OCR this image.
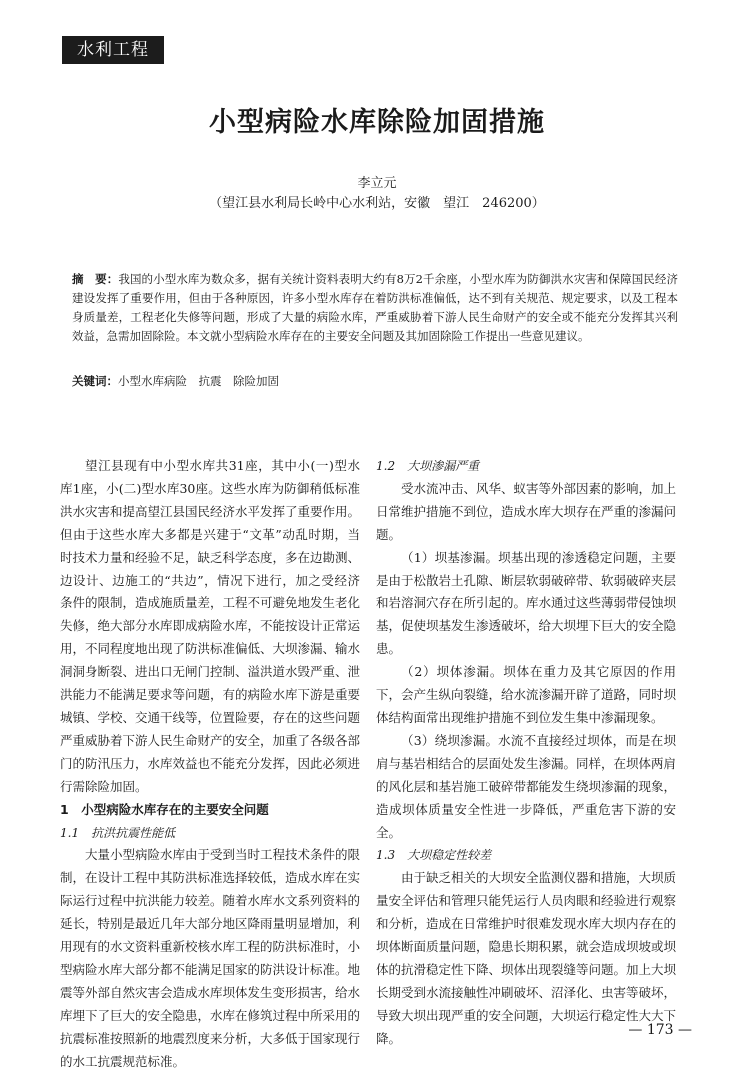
水利工程
小型病险水库除险加固措施
李立元
（望江县水利局长岭中心水利站，安徽　望江　246200）
摘　要：我国的小型水库为数众多，据有关统计资料表明大约有8万2千余座，小型水库为防御洪水灾害和保障国民经济建设发挥了重要作用，但由于各种原因，许多小型水库存在着防洪标准偏低，达不到有关规范、规定要求，以及工程本身质量差，工程老化失修等问题，形成了大量的病险水库，严重威胁着下游人民生命财产的安全或不能充分发挥其兴利效益，急需加固除险。本文就小型病险水库存在的主要安全问题及其加固除险工作提出一些意见建议。
关键词：小型水库病险　抗震　除险加固

望江县现有中小型水库共31座，其中小(一)型水库1座，小(二)型水库30座。这些水库为防御稍低标准洪水灾害和提高望江县国民经济水平发挥了重要作用。但由于这些水库大多都是兴建于“文革”动乱时期，当时技术力量和经验不足，缺乏科学态度，多在边勘测、边设计、边施工的“共边”，情况下进行，加之受经济条件的限制，造成施质量差，工程不可避免地发生老化失修，绝大部分水库即成病险水库，不能按设计正常运用，不同程度地出现了防洪标准偏低、大坝渗漏、输水洞洞身断裂、进出口无闸门控制、溢洪道水毁严重、泄洪能力不能满足要求等问题，有的病险水库下游是重要城镇、学校、交通干线等，位置险要，存在的这些问题严重威胁着下游人民生命财产的安全，加重了各级各部门的防汛压力，水库效益也不能充分发挥，因此必须进行需除险加固。

1　小型病险水库存在的主要安全问题
1.1　抗洪抗震性能低

大量小型病险水库由于受到当时工程技术条件的限制，在设计工程中其防洪标准选择较低，造成水库在实际运行过程中抗洪能力较差。随着水库水文系列资料的延长，特别是最近几年大部分地区降雨量明显增加，利用现有的水文资料重新校核水库工程的防洪标准时，小型病险水库大部分都不能满足国家的防洪设计标准。地震等外部自然灾害会造成水库坝体发生变形损害，给水库埋下了巨大的安全隐患，水库在修筑过程中所采用的抗震标准按照新的地震烈度来分析，大多低于国家现行的水工抗震规范标准。

1.2　大坝渗漏严重

受水流冲击、风华、蚁害等外部因素的影响，加上日常维护措施不到位，造成水库大坝存在严重的渗漏问题。

（1）坝基渗漏。坝基出现的渗透稳定问题，主要是由于松散岩土孔隙、断层软弱破碎带、软弱破碎夹层和岩溶洞穴存在所引起的。库水通过这些薄弱带侵蚀坝基，促使坝基发生渗透破坏，给大坝埋下巨大的安全隐患。

（2）坝体渗漏。坝体在重力及其它原因的作用下，会产生纵向裂缝，给水流渗漏开辟了道路，同时坝体结构面常出现维护措施不到位发生集中渗漏现象。

（3）绕坝渗漏。水流不直接经过坝体，而是在坝肩与基岩相结合的层面处发生渗漏。同样，在坝体两肩的风化层和基岩施工破碎带都能发生绕坝渗漏的现象，造成坝体质量安全性进一步降低，严重危害下游的安全。

1.3　大坝稳定性较差

由于缺乏相关的大坝安全监测仪器和措施，大坝质量安全评估和管理只能凭运行人员肉眼和经验进行观察和分析，造成在日常维护时很难发现水库大坝内存在的坝体断面质量问题，隐患长期积累，就会造成坝坡或坝体的抗滑稳定性下降、坝体出现裂缝等问题。加上大坝长期受到水流接触性冲刷破坏、沼泽化、虫害等破坏，导致大坝出现严重的安全问题，大坝运行稳定性大大下降。

— 173 —
